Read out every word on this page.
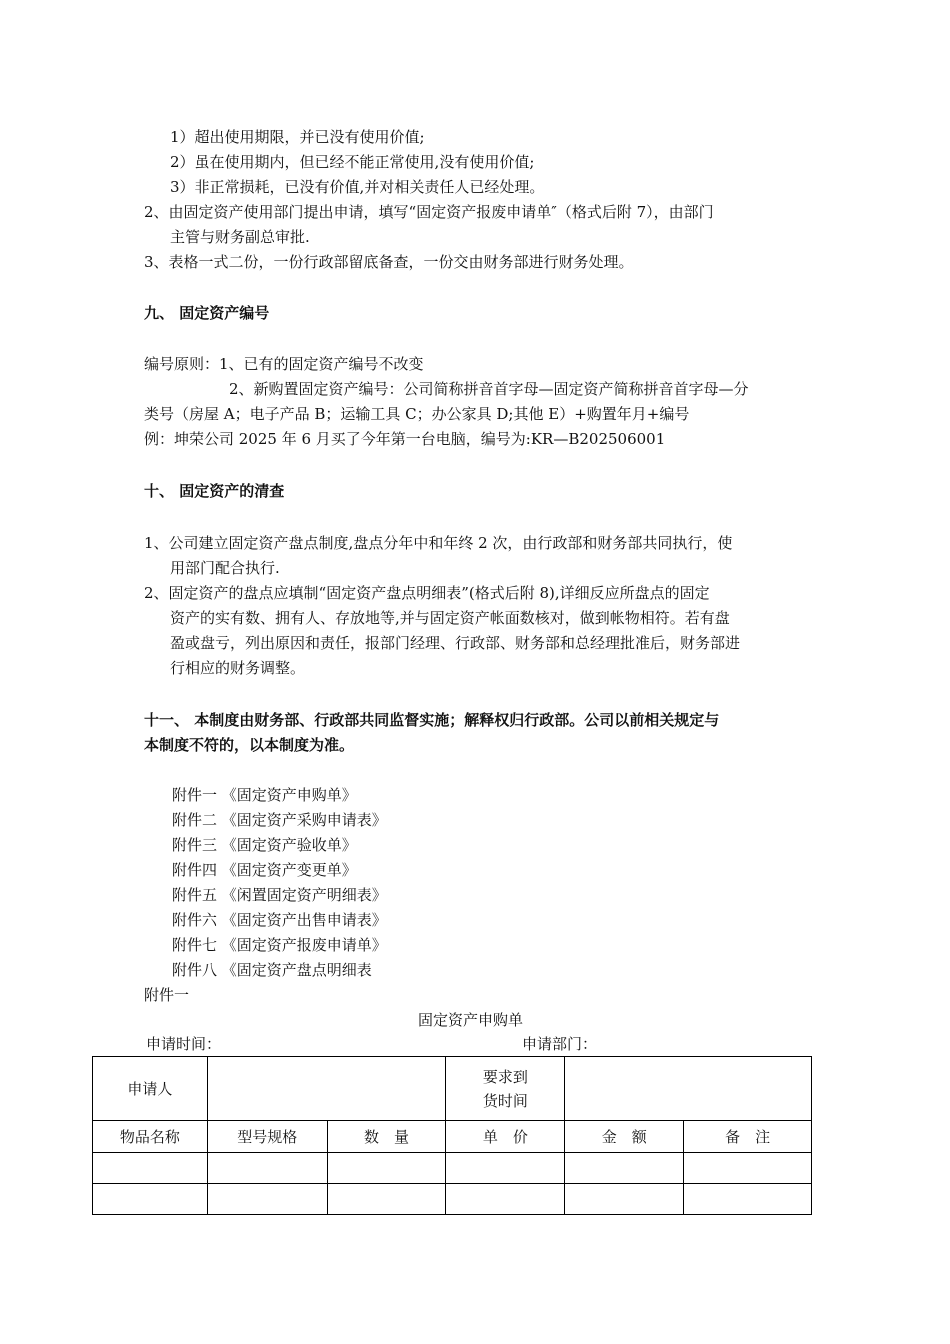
1）超出使用期限，并已没有使用价值;
2）虽在使用期内，但已经不能正常使用,没有使用价值;
3）非正常损耗，已没有价值,并对相关责任人已经处理。
2、由固定资产使用部门提出申请，填写“固定资产报废申请单″（格式后附 7），由部门
主管与财务副总审批.
3、表格一式二份，一份行政部留底备查，一份交由财务部进行财务处理。
九、 固定资产编号
编号原则：1、已有的固定资产编号不改变
2、新购置固定资产编号：公司简称拼音首字母—固定资产简称拼音首字母—分
类号（房屋 A；电子产品 B；运输工具 C；办公家具 D;其他 E）+购置年月+编号
例：坤荣公司 2025 年 6 月买了今年第一台电脑，编号为:KR—B202506001
十、 固定资产的清查
1、公司建立固定资产盘点制度,盘点分年中和年终 2 次，由行政部和财务部共同执行，使
用部门配合执行.
2、固定资产的盘点应填制“固定资产盘点明细表”(格式后附 8),详细反应所盘点的固定
资产的实有数、拥有人、存放地等,并与固定资产帐面数核对，做到帐物相符。若有盘
盈或盘亏，列出原因和责任，报部门经理、行政部、财务部和总经理批准后，财务部进
行相应的财务调整。
十一、 本制度由财务部、行政部共同监督实施；解释权归行政部。公司以前相关规定与
本制度不符的，以本制度为准。
附件一 《固定资产申购单》
附件二 《固定资产采购申请表》
附件三 《固定资产验收单》
附件四 《固定资产变更单》
附件五 《闲置固定资产明细表》
附件六 《固定资产出售申请表》
附件七 《固定资产报废申请单》
附件八 《固定资产盘点明细表
附件一
固定资产申购单
申请时间：	申请部门：
申请人			要求到
货时间		
物品名称	型号规格	数　量	单　价	金　额	备　注
